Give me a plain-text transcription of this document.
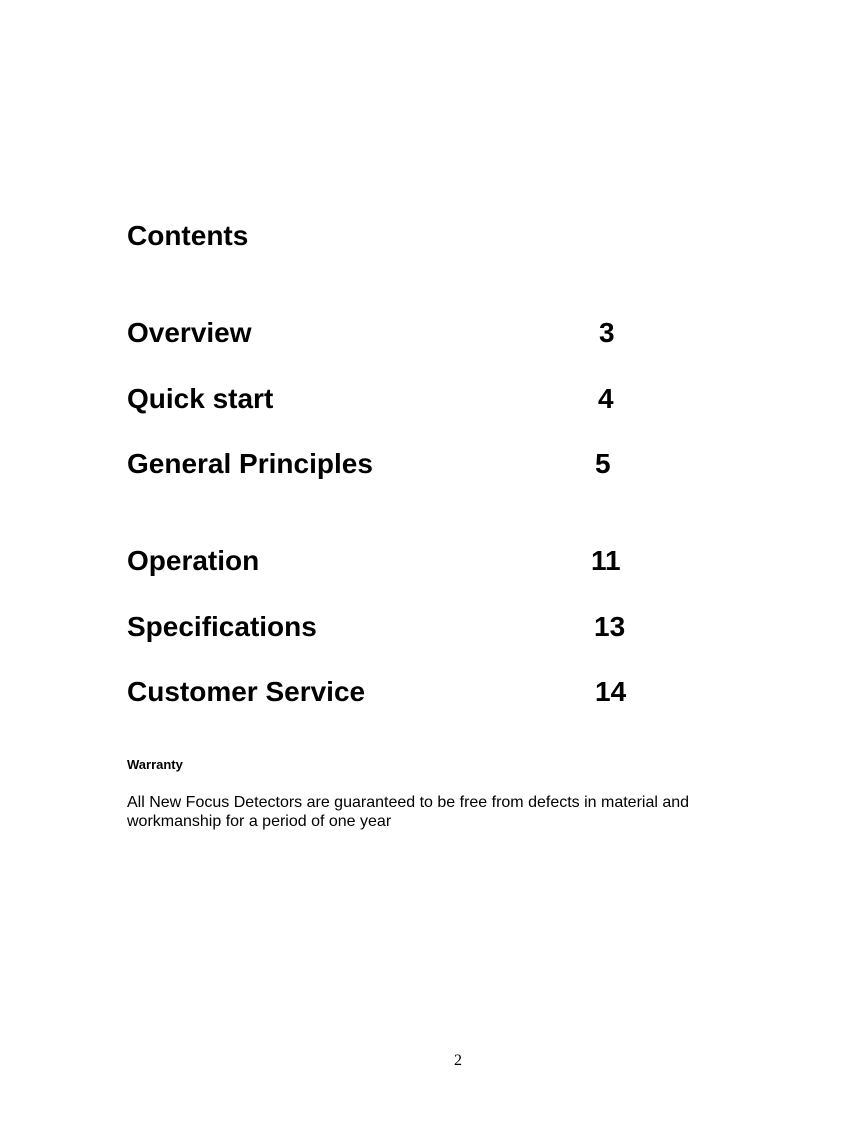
Contents
Overview	3
Quick start	4
General Principles	5
Operation	11
Specifications	13
Customer Service	14
Warranty

All New Focus Detectors are guaranteed to be free from defects in material and workmanship for a period of one year

2
